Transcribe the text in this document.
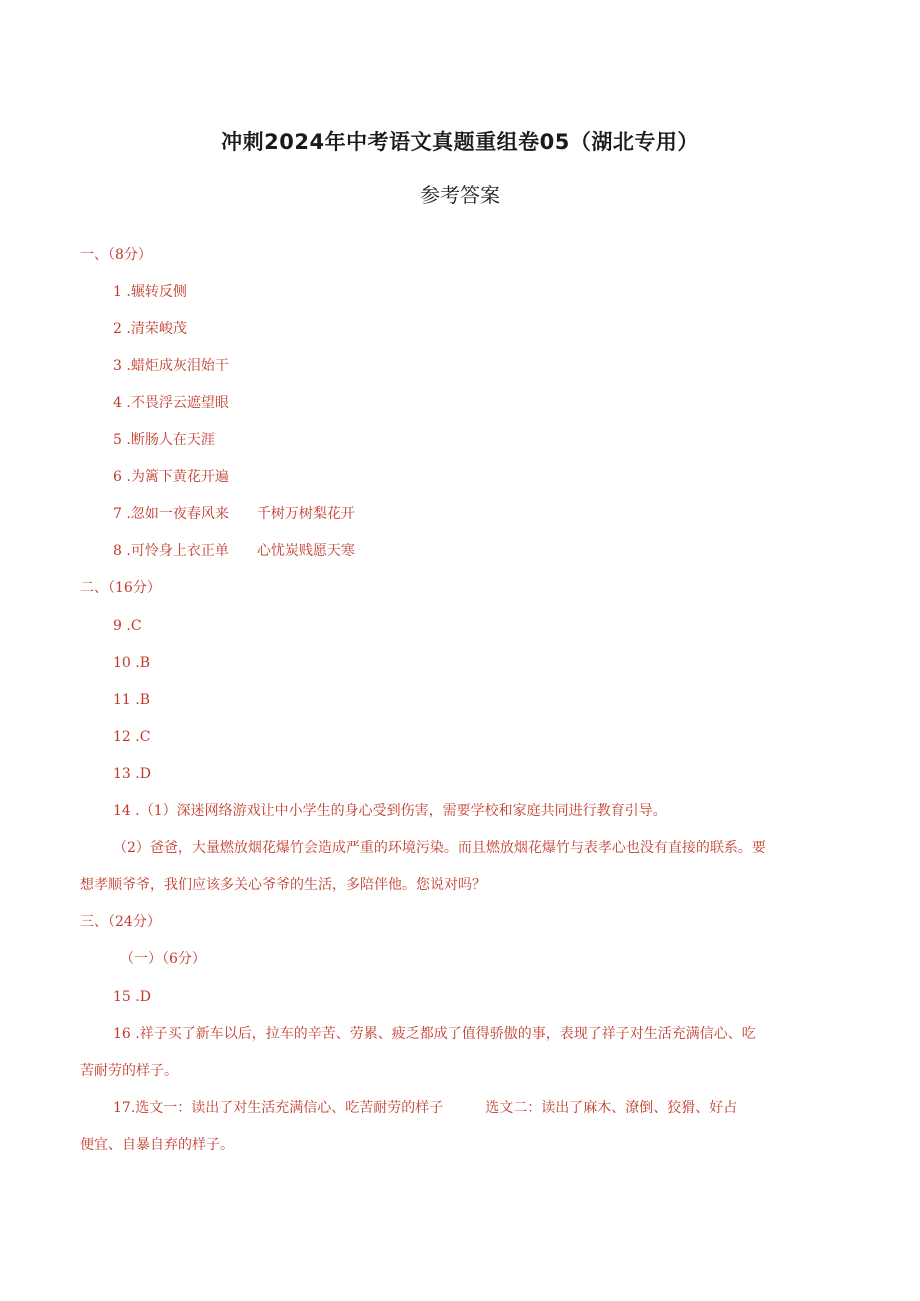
冲刺2024年中考语文真题重组卷05（湖北专用）
参考答案
一、（8分）
1 .辗转反侧
2 .清荣峻茂
3 .蜡炬成灰泪始干
4 .不畏浮云遮望眼
5 .断肠人在天涯
6 .为篱下黄花开遍
7 .忽如一夜春风来 千树万树梨花开
8 .可怜身上衣正单 心忧炭贱愿天寒
二、（16分）
9 .C
10 .B
11 .B
12 .C
13 .D
14 .（1）深迷网络游戏让中小学生的身心受到伤害，需要学校和家庭共同进行教育引导。
（2）爸爸，大量燃放烟花爆竹会造成严重的环境污染。而且燃放烟花爆竹与表孝心也没有直接的联系。要
想孝顺爷爷，我们应该多关心爷爷的生活，多陪伴他。您说对吗？
三、（24分）
（一）（6分）
15 .D
16 .祥子买了新车以后，拉车的辛苦、劳累、疲乏都成了值得骄傲的事，表现了祥子对生活充满信心、吃
苦耐劳的样子。
17.选文一：读出了对生活充满信心、吃苦耐劳的样子	选文二：读出了麻木、潦倒、狡猾、好占
便宜、自暴自弃的样子。
